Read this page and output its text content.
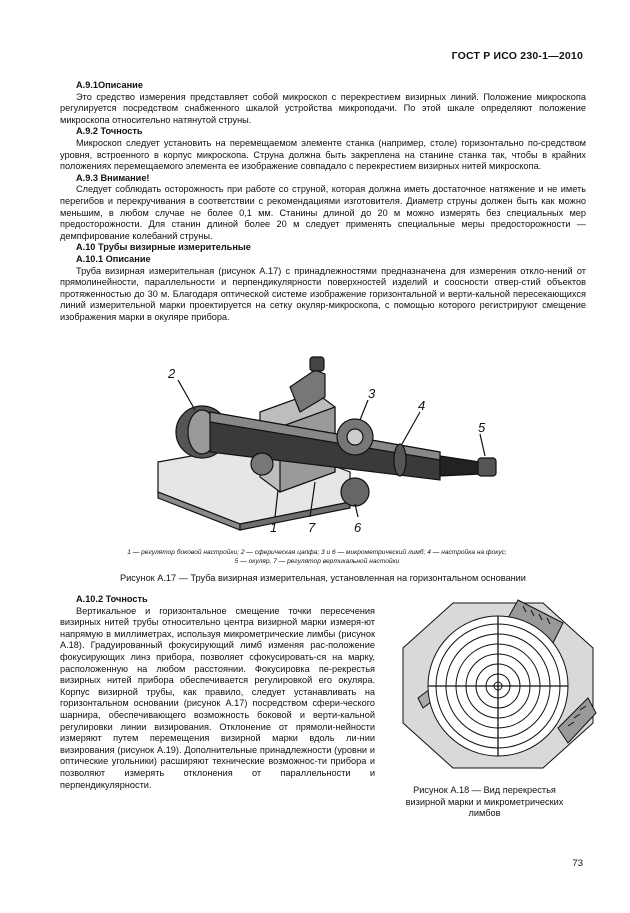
ГОСТ Р ИСО 230-1—2010

А.9.1Описание

Это средство измерения представляет собой микроскоп с перекрестием визирных линий. Положение микроскопа регулируется посредством снабженного шкалой устройства микроподачи. По этой шкале определяют положение микроскопа относительно натянутой струны.

А.9.2 Точность

Микроскоп следует установить на перемещаемом элементе станка (например, столе) горизонтально по-средством уровня, встроенного в корпус микроскопа. Струна должна быть закреплена на станине станка так, чтобы в крайних положениях перемещаемого элемента ее изображение совпадало с перекрестием визирных нитей микроскопа.

А.9.3 Внимание!

Следует соблюдать осторожность при работе со струной, которая должна иметь достаточное натяжение и не иметь перегибов и перекручивания в соответствии с рекомендациями изготовителя. Диаметр струны должен быть как можно меньшим, в любом случае не более 0,1 мм. Станины длиной до 20 м можно измерять без специальных мер предосторожности. Для станин длиной более 20 м следует применять специальные меры предосторожности — демпфирование колебаний струны.

А.10 Трубы визирные измерительные

А.10.1 Описание

Труба визирная измерительная (рисунок А.17) с принадлежностями предназначена для измерения откло-нений от прямолинейности, параллельности и перпендикулярности поверхностей изделий и соосности отвер-стий объектов протяженностью до 30 м. Благодаря оптической системе изображение горизонтальной и верти-кальной пересекающихся линий измерительной марки проектируется на сетку окуляр-микроскопа, с помощью которого регистрируют смещение изображения марки в окуляре прибора.

2
3
4
5
1 7	6
1 — регулятор боковой настройки; 2 — сферическая цапфа; 3 и 6 — микрометрический лимб; 4 — настройка на фокус;
5 — окуляр, 7 — регулятор вертикальной настойки
Рисунок А.17 — Труба визирная измерительная, установленная на горизонтальном основании

А.10.2 Точность

Вертикальное и горизонтальное смещение точки пересечения визирных нитей трубы относительно центра визирной марки измеря-ют напрямую в миллиметрах, используя микрометрические лимбы (рисунок А.18). Градуированный фокусирующий лимб изменяя рас-положение фокусирующих линз прибора, позволяет сфокусировать-ся на марку, расположенную на любом расстоянии. Фокусировка пе-рекрестья визирных нитей прибора обеспечивается регулировкой его окуляра. Корпус визирной трубы, как правило, следует устанавливать на горизонтальном основании (рисунок А.17) посредством сфери-ческого шарнира, обеспечивающего возможность боковой и верти-кальной регулировки линии визирования. Отклонение от прямоли-нейности измеряют путем перемещения визирной марки вдоль ли-нии визирования (рисунок А.19). Дополнительные принадлежности (уровни и оптические угольники) расширяют технические возможнос-ти прибора и позволяют измерять отклонения от параллельности и перпендикулярности.

Рисунок А.18 — Вид перекрестья
визирной марки и микрометрических
лимбов
73
